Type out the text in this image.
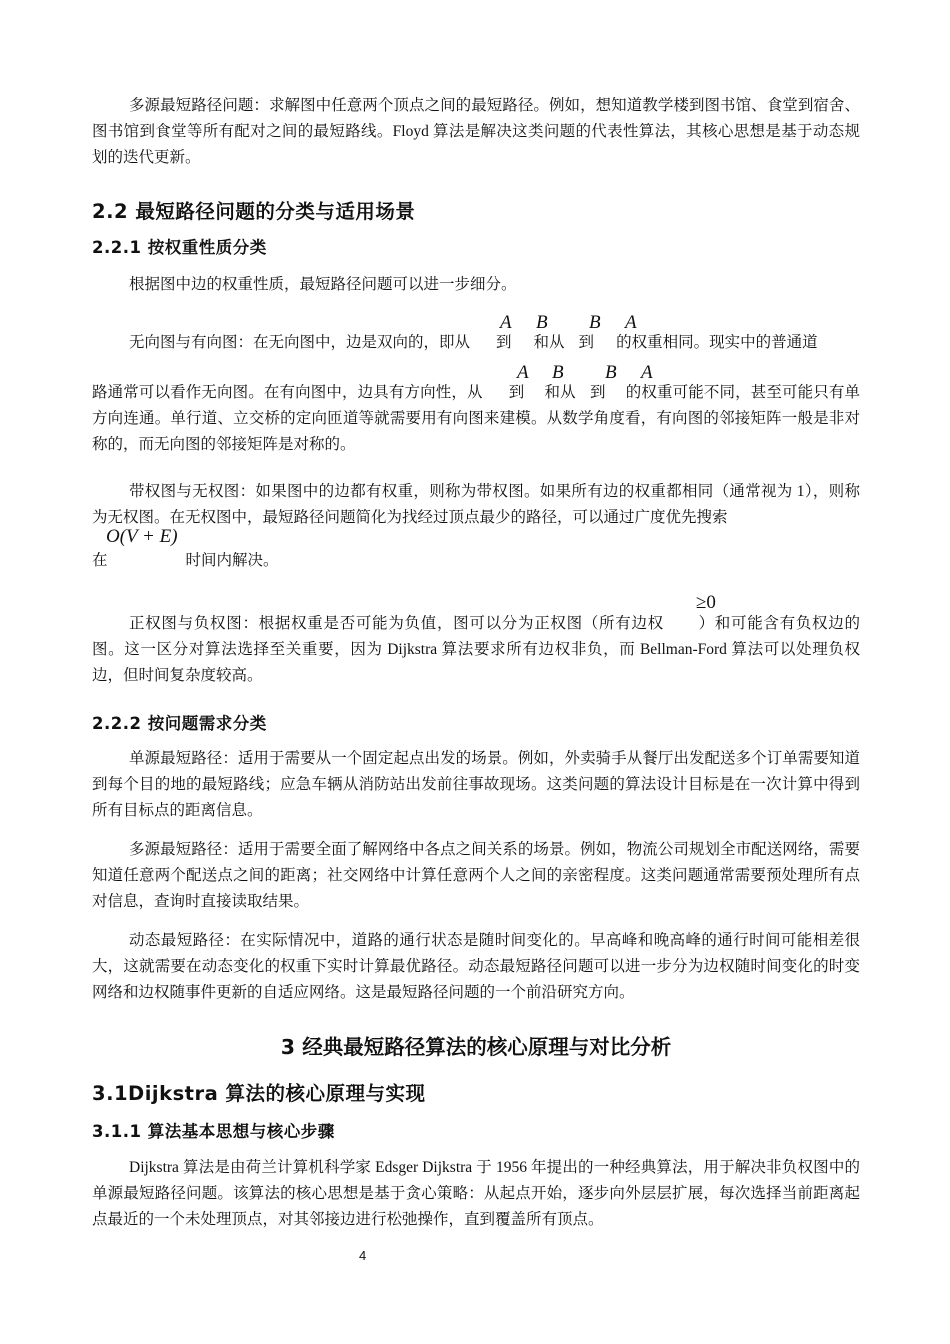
多源最短路径问题：求解图中任意两个顶点之间的最短路径。例如，想知道教学楼到图书馆、食堂到宿舍、图书馆到食堂等所有配对之间的最短路线。Floyd 算法是解决这类问题的代表性算法，其核心思想是基于动态规划的迭代更新。

2.2 最短路径问题的分类与适用场景
2.2.1 按权重性质分类

根据图中边的权重性质，最短路径问题可以进一步细分。

A B B A

无向图与有向图：在无向图中，边是双向的，即从 到 和从 到 的权重相同。现实中的普通道

A B B A

路通常可以看作无向图。在有向图中，边具有方向性，从 到 和从 到 的权重可能不同，甚至可能只有单方向连通。单行道、立交桥的定向匝道等就需要用有向图来建模。从数学角度看，有向图的邻接矩阵一般是非对称的，而无向图的邻接矩阵是对称的。

带权图与无权图：如果图中的边都有权重，则称为带权图。如果所有边的权重都相同（通常视为 1），则称为无权图。在无权图中，最短路径问题简化为找经过顶点最少的路径，可以通过广度优先搜索

O(V + E)

在	时间内解决。

≥0

正权图与负权图：根据权重是否可能为负值，图可以分为正权图（所有边权 ）和可能含有负权边的图。这一区分对算法选择至关重要，因为 Dijkstra 算法要求所有边权非负，而 Bellman-Ford 算法可以处理负权边，但时间复杂度较高。

2.2.2 按问题需求分类

单源最短路径：适用于需要从一个固定起点出发的场景。例如，外卖骑手从餐厅出发配送多个订单需要知道到每个目的地的最短路线；应急车辆从消防站出发前往事故现场。这类问题的算法设计目标是在一次计算中得到所有目标点的距离信息。

多源最短路径：适用于需要全面了解网络中各点之间关系的场景。例如，物流公司规划全市配送网络，需要知道任意两个配送点之间的距离；社交网络中计算任意两个人之间的亲密程度。这类问题通常需要预处理所有点对信息，查询时直接读取结果。

动态最短路径：在实际情况中，道路的通行状态是随时间变化的。早高峰和晚高峰的通行时间可能相差很大，这就需要在动态变化的权重下实时计算最优路径。动态最短路径问题可以进一步分为边权随时间变化的时变网络和边权随事件更新的自适应网络。这是最短路径问题的一个前沿研究方向。

3 经典最短路径算法的核心原理与对比分析
3.1Dijkstra 算法的核心原理与实现
3.1.1 算法基本思想与核心步骤

Dijkstra 算法是由荷兰计算机科学家 Edsger Dijkstra 于 1956 年提出的一种经典算法，用于解决非负权图中的单源最短路径问题。该算法的核心思想是基于贪心策略：从起点开始，逐步向外层层扩展，每次选择当前距离起点最近的一个未处理顶点，对其邻接边进行松弛操作，直到覆盖所有顶点。

4
